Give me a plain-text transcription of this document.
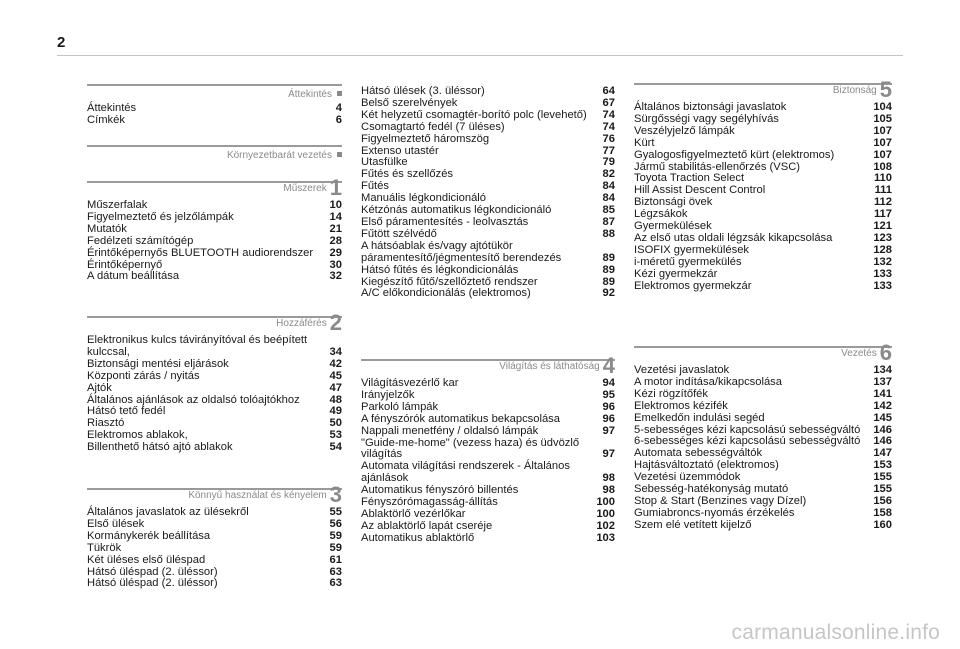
2
Áttekintés
Áttekintés	4
Címkék	6
Környezetbarát vezetés
Műszerek 1
Műszerfalak	10
Figyelmeztető és jelzőlámpák	14
Mutatók	21
Fedélzeti számítógép	28
Érintőképernyős BLUETOOTH audiorendszer	29
Érintőképernyő	30
A dátum beállítása	32
Hozzáférés 2
Elektronikus kulcs távirányítóval és beépített kulccsal,	34
Biztonsági mentési eljárások	42
Központi zárás / nyitás	45
Ajtók	47
Általános ajánlások az oldalsó tolóajtókhoz	48
Hátsó tető fedél	49
Riasztó	50
Elektromos ablakok,	53
Billenthető hátsó ajtó ablakok	54
Könnyű használat és kényelem 3
Általános javaslatok az ülésekről	55
Első ülések	56
Kormánykerék beállítása	59
Tükrök	59
Két üléses első üléspad	61
Hátsó üléspad (2. üléssor)	63
Hátsó üléspad (2. üléssor)	63
Hátsó ülések (3. üléssor)	64
Belső szerelvények	67
Két helyzetű csomagtér-borító polc (levehető)	74
Csomagtartó fedél (7 üléses)	74
Figyelmeztető háromszög	76
Extenso utastér	77
Utasfülke	79
Fűtés és szellőzés	82
Fűtés	84
Manuális légkondicionáló	84
Kétzónás automatikus légkondicionáló	85
Első páramentesítés - leolvasztás	87
Fűtött szélvédő	88
A hátsóablak és/vagy ajtótükör páramentesítő/jégmentesítő berendezés	89
Hátsó fűtés és légkondicionálás	89
Kiegészítő fűtő/szellőztető rendszer	89
A/C előkondicionálás (elektromos)	92
Világítás és láthatóság 4
Világításvezérlő kar	94
Irányjelzők	95
Parkoló lámpák	96
A fényszórók automatikus bekapcsolása	96
Nappali menetfény / oldalsó lámpák	97
"Guide-me-home" (vezess haza) és üdvözlő világítás	97
Automata világítási rendszerek - Általános ajánlások	98
Automatikus fényszóró billentés	98
Fényszórómagasság-állítás	100
Ablaktörlő vezérlőkar	100
Az ablaktörlő lapát cseréje	102
Automatikus ablaktörlő	103
Biztonság 5
Általános biztonsági javaslatok	104
Sürgősségi vagy segélyhívás	105
Veszélyjelző lámpák	107
Kürt	107
Gyalogosfigyelmeztető kürt (elektromos)	107
Jármű stabilitás-ellenőrzés (VSC)	108
Toyota Traction Select	110
Hill Assist Descent Control	111
Biztonsági övek	112
Légzsákok	117
Gyermekülések	121
Az első utas oldali légzsák kikapcsolása	123
ISOFIX gyermekülések	128
i-méretű gyermekülés	132
Kézi gyermekzár	133
Elektromos gyermekzár	133
Vezetés 6
Vezetési javaslatok	134
A motor indítása/kikapcsolása	137
Kézi rögzítőfék	141
Elektromos kézifék	142
Emelkedőn indulási segéd	145
5-sebességes kézi kapcsolású sebességváltó	146
6-sebességes kézi kapcsolású sebességváltó	146
Automata sebességváltók	147
Hajtásváltoztató (elektromos)	153
Vezetési üzemmódok	155
Sebesség-hatékonyság mutató	155
Stop & Start (Benzines vagy Dízel)	156
Gumiabroncs-nyomás érzékelés	158
Szem elé vetített kijelző	160
carmanualsonline.info
